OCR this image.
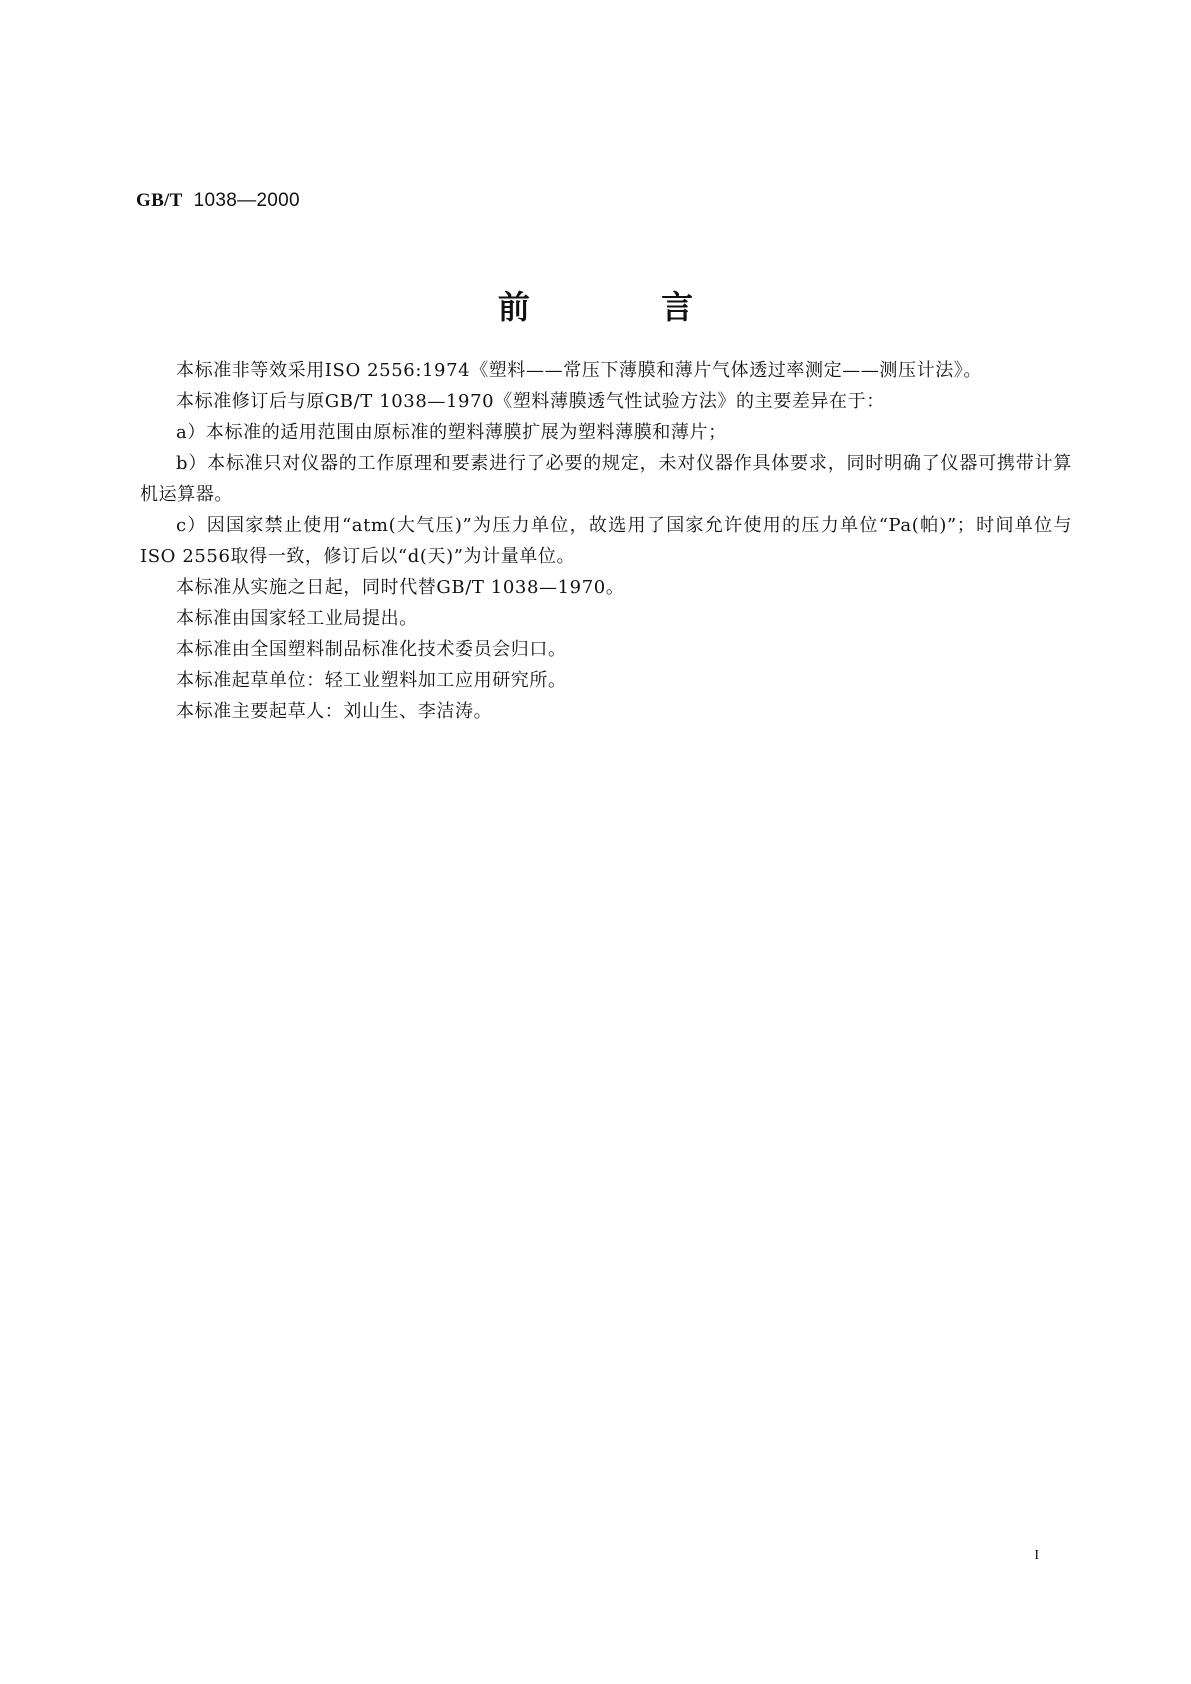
GB/T 1038—2000
前 言

本标准非等效采用ISO 2556:1974《塑料——常压下薄膜和薄片气体透过率测定——测压计法》。

本标准修订后与原GB/T 1038—1970《塑料薄膜透气性试验方法》的主要差异在于：

a）本标准的适用范围由原标准的塑料薄膜扩展为塑料薄膜和薄片；

b）本标准只对仪器的工作原理和要素进行了必要的规定，未对仪器作具体要求，同时明确了仪器可携带计算机运算器。

c）因国家禁止使用“atm(大气压)”为压力单位，故选用了国家允许使用的压力单位“Pa(帕)”；时间单位与ISO 2556取得一致，修订后以“d(天)”为计量单位。

本标准从实施之日起，同时代替GB/T 1038—1970。

本标准由国家轻工业局提出。

本标准由全国塑料制品标准化技术委员会归口。

本标准起草单位：轻工业塑料加工应用研究所。

本标准主要起草人：刘山生、李洁涛。

I
